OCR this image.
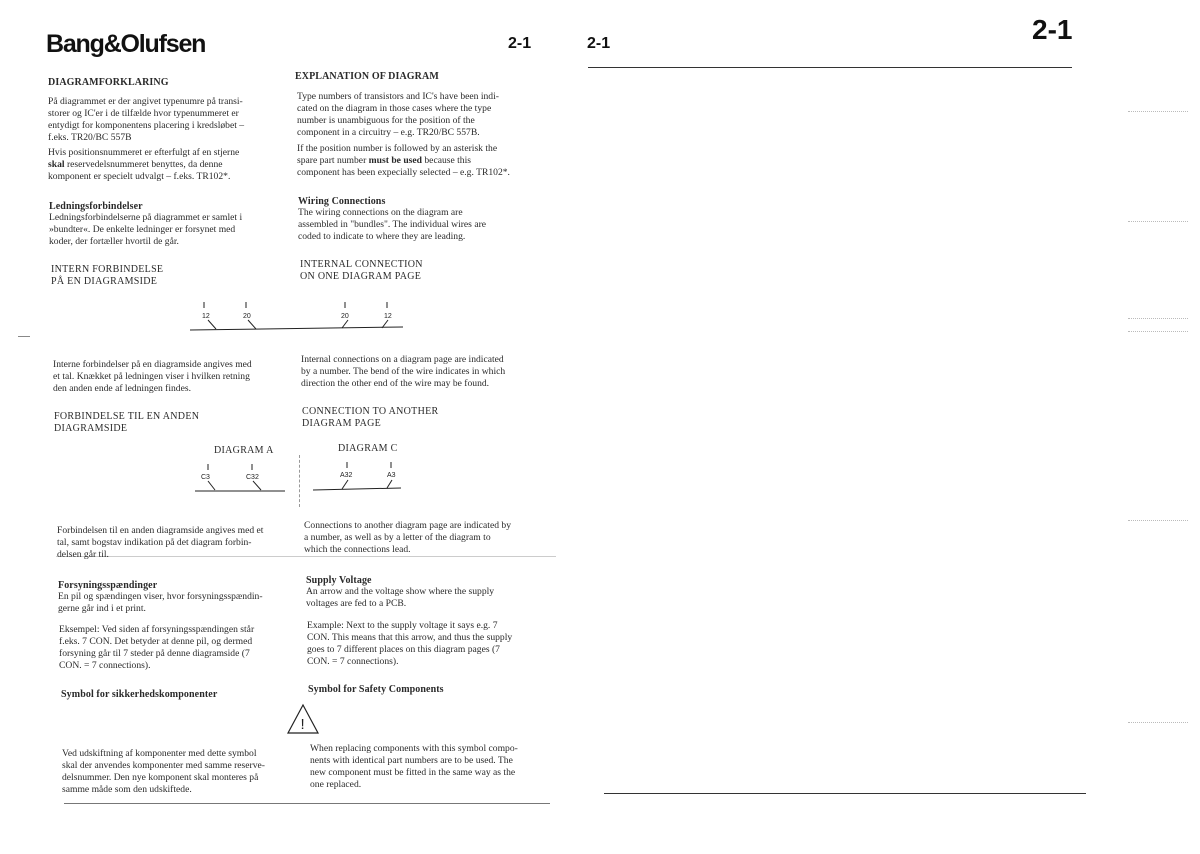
Bang&Olufsen	2-1	2-1	2-1
DIAGRAMFORKLARING
På diagrammet er der angivet typenumre på transi-
storer og IC'er i de tilfælde hvor typenummeret er
entydigt for komponentens placering i kredsløbet –
f.eks. TR20/BC 557B
Hvis positionsnummeret er efterfulgt af en stjerne
skal reservedelsnummeret benyttes, da denne
komponent er specielt udvalgt – f.eks. TR102*.
Ledningsforbindelser
Ledningsforbindelserne på diagrammet er samlet i
»bundter«. De enkelte ledninger er forsynet med
koder, der fortæller hvortil de går.
INTERN FORBINDELSE
PÅ EN DIAGRAMSIDE
Interne forbindelser på en diagramside angives med
et tal. Knækket på ledningen viser i hvilken retning
den anden ende af ledningen findes.
FORBINDELSE TIL EN ANDEN
DIAGRAMSIDE
Forbindelsen til en anden diagramside angives med et
tal, samt bogstav indikation på det diagram forbin-
delsen går til.
Forsyningsspændinger
En pil og spændingen viser, hvor forsyningsspændin-
gerne går ind i et print.
Eksempel: Ved siden af forsyningsspændingen står
f.eks. 7 CON. Det betyder at denne pil, og dermed
forsyning går til 7 steder på denne diagramside (7
CON. = 7 connections).
Symbol for sikkerhedskomponenter
Ved udskiftning af komponenter med dette symbol
skal der anvendes komponenter med samme reserve-
delsnummer. Den nye komponent skal monteres på
samme måde som den udskiftede.
EXPLANATION OF DIAGRAM
Type numbers of transistors and IC's have been indi-
cated on the diagram in those cases where the type
number is unambiguous for the position of the
component in a circuitry – e.g. TR20/BC 557B.
If the position number is followed by an asterisk the
spare part number must be used because this
component has been expecially selected – e.g. TR102*.
Wiring Connections
The wiring connections on the diagram are
assembled in "bundles". The individual wires are
coded to indicate to where they are leading.
INTERNAL CONNECTION
ON ONE DIAGRAM PAGE
Internal connections on a diagram page are indicated
by a number. The bend of the wire indicates in which
direction the other end of the wire may be found.
CONNECTION TO ANOTHER
DIAGRAM PAGE
Connections to another diagram page are indicated by
a number, as well as by a letter of the diagram to
which the connections lead.
Supply Voltage
An arrow and the voltage show where the supply
voltages are fed to a PCB.
Example: Next to the supply voltage it says e.g. 7
CON. This means that this arrow, and thus the supply
goes to 7 different places on this diagram pages (7
CON. = 7 connections).
Symbol for Safety Components
When replacing components with this symbol compo-
nents with identical part numbers are to be used. The
new component must be fitted in the same way as the
one replaced.
12	20	20	12
DIAGRAM A	DIAGRAM C
C3	C32	A32	A3
!
